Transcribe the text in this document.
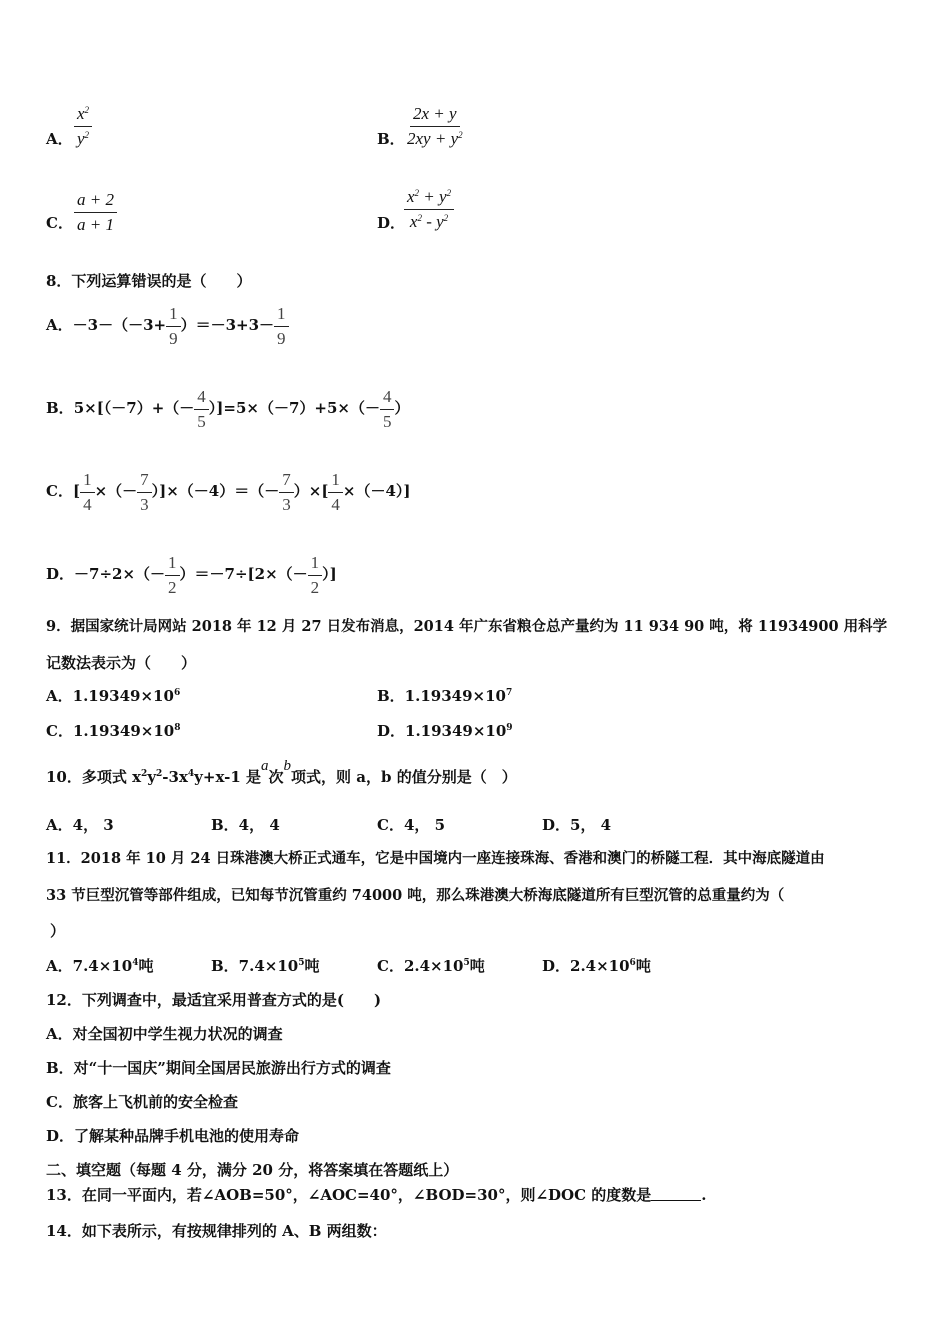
A． $\frac{x^2}{y^2}$	B． $\frac{2x + y}{2xy + y^2}$
C． $\frac{a + 2}{a + 1}$	D．
$\frac{x^2 + y^2}{x^2 - y^2}$
8．下列运算错误的是（　　）
A．$-3-(-3+ \frac{1}{9} )=-3+3- \frac{1}{9}$
B．$5\times[(-7)+(- \frac{4}{5} )]=5\times(-7)+5\times(- \frac{4}{5}$ ）
C．[ $\frac{1}{4}$ ×（－ $\frac{7}{3} )]\times(-4)=(- \frac{7}{3}$ ）×[ $\frac{1}{4} \times(-4)$]
D．$-7\div 2\times(- \frac{1}{2} )=-7\div[2\times(- \frac{1}{2}$ ）]
9．据国家统计局网站 2018 年 12 月 27 日发布消息，2014 年广东省粮仓总产量约为 11 934 90 吨，将 11934900 用科学
记数法表示为（　　）
A．$1.19349\times 10^6$	B．$1.19349\times 10^7$
C．$1.19349\times 10^8$	D．$1.19349\times 10^9$
10．多项式 $x^2y^2-3x^4y+x-1$ 是a次b项式，则 a，b 的值分别是（　）
A．4， 3	B．4， 4	C．4， 5	D．5， 4
11．2018 年 10 月 24 日珠港澳大桥正式通车，它是中国境内一座连接珠海、香港和澳门的桥隧工程．其中海底隧道由
33 节巨型沉管等部件组成，已知每节沉管重约 74000 吨，那么珠港澳大桥海底隧道所有巨型沉管的总重量约为（
）
A．$7.4\times 10^4$吨	B．$7.4\times 10^5$吨	C．$2.4\times 10^5$吨	D．$2.4\times 10^6$吨
12．下列调查中，最适宜采用普查方式的是(　　)
A．对全国初中学生视力状况的调查
B．对“十一国庆”期间全国居民旅游出行方式的调查
C．旅客上飞机前的安全检查
D．了解某种品牌手机电池的使用寿命
二、填空题（每题 4 分，满分 20 分，将答案填在答题纸上）
13．在同一平面内，若∠AOB=50°，∠AOC=40°，∠BOD=30°，则∠DOC 的度数是	.
14．如下表所示，有按规律排列的 A、B 两组数：
